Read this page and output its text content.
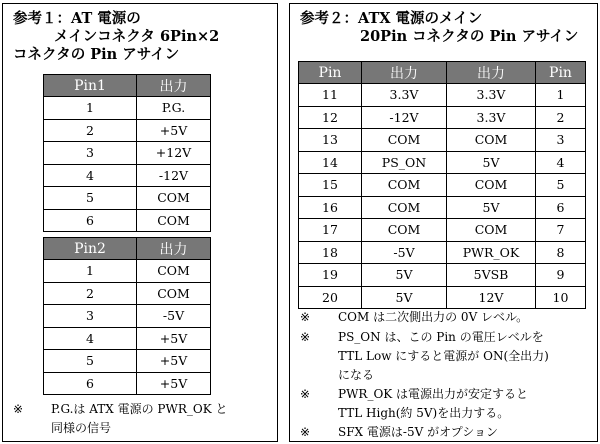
参考１：AT 電源の
メインコネクタ 6Pin×2
コネクタの Pin アサイン
Pin1	出力
1	P.G.
2	+5V
3	+12V
4	-12V
5	COM
6	COM
Pin2	出力
1	COM
2	COM
3	-5V
4	+5V
5	+5V
6	+5V
※	P.G.は ATX 電源の PWR_OK と
同様の信号
参考２：ATX 電源のメイン
20Pin コネクタの Pin アサイン
Pin	出力	出力	Pin
11	3.3V	3.3V	1
12	-12V	3.3V	2
13	COM	COM	3
14	PS_ON	5V	4
15	COM	COM	5
16	COM	5V	6
17	COM	COM	7
18	-5V	PWR_OK	8
19	5V	5VSB	9
20	5V	12V	10
※	COM は二次側出力の 0V レベル。
※	PS_ON は、この Pin の電圧レベルを
TTL Low にすると電源が ON(全出力)
になる
※	PWR_OK は電源出力が安定すると
TTL High(約 5V)を出力する。
※	SFX 電源は-5V がオプション
